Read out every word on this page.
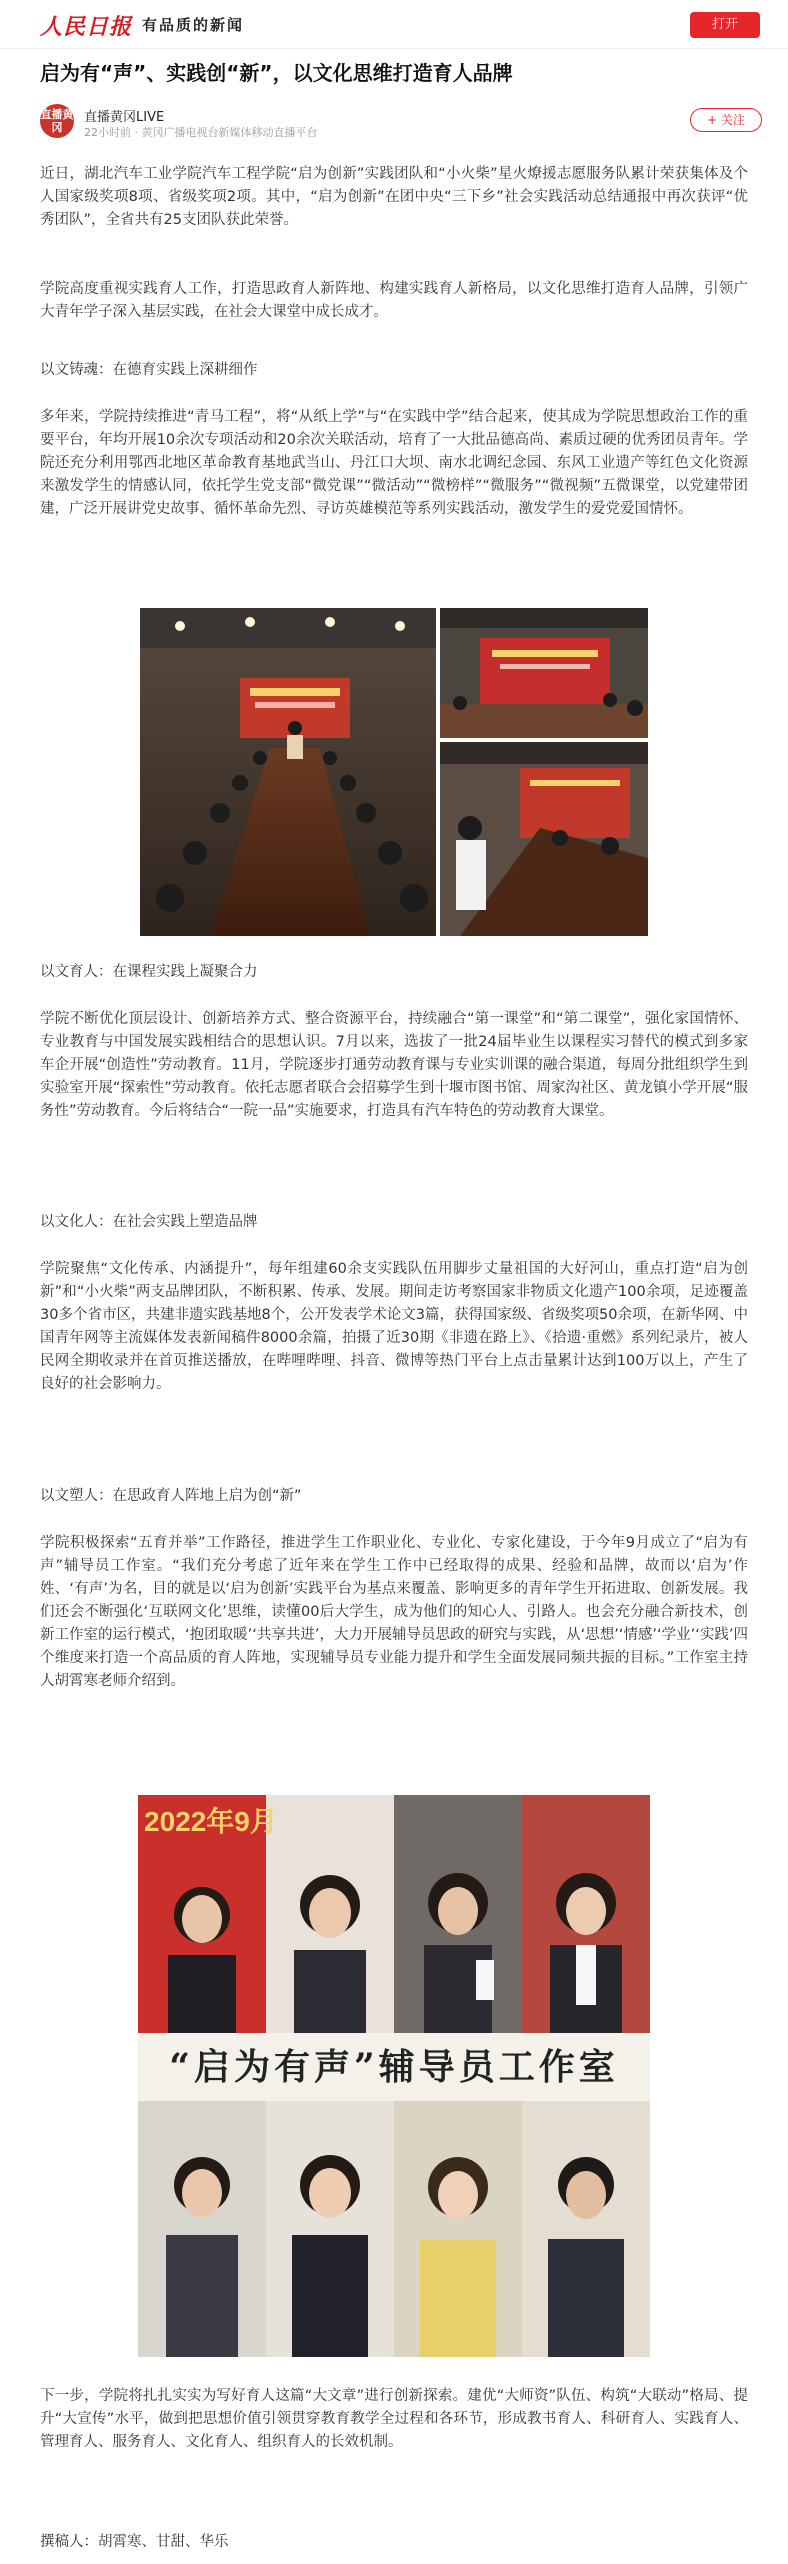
人民日报 有品质的新闻	打开
启为有“声”、实践创“新”，以文化思维打造育人品牌
直播黄冈
直播黄冈LIVE
22小时前 · 黄冈广播电视台新媒体移动直播平台
+ 关注

近日，湖北汽车工业学院汽车工程学院“启为创新”实践团队和“小火柴”星火燎援志愿服务队累计荣获集体及个人国家级奖项8项、省级奖项2项。其中，“启为创新”在团中央“三下乡”社会实践活动总结通报中再次获评“优秀团队”，全省共有25支团队获此荣誉。

学院高度重视实践育人工作，打造思政育人新阵地、构建实践育人新格局，以文化思维打造育人品牌，引领广大青年学子深入基层实践，在社会大课堂中成长成才。

以文铸魂：在德育实践上深耕细作

多年来，学院持续推进“青马工程”，将“从纸上学”与“在实践中学”结合起来，使其成为学院思想政治工作的重要平台，年均开展10余次专项活动和20余次关联活动，培育了一大批品德高尚、素质过硬的优秀团员青年。学院还充分利用鄂西北地区革命教育基地武当山、丹江口大坝、南水北调纪念园、东风工业遗产等红色文化资源来激发学生的情感认同，依托学生党支部“微党课”“微活动”“微榜样”“微服务”“微视频”五微课堂，以党建带团建，广泛开展讲党史故事、循怀革命先烈、寻访英雄模范等系列实践活动，激发学生的爱党爱国情怀。

以文育人：在课程实践上凝聚合力

学院不断优化顶层设计、创新培养方式、整合资源平台，持续融合“第一课堂”和“第二课堂”，强化家国情怀、专业教育与中国发展实践相结合的思想认识。7月以来，选拔了一批24届毕业生以课程实习替代的模式到多家车企开展“创造性”劳动教育。11月，学院逐步打通劳动教育课与专业实训课的融合渠道，每周分批组织学生到实验室开展“探索性”劳动教育。依托志愿者联合会招募学生到十堰市图书馆、周家沟社区、黄龙镇小学开展“服务性”劳动教育。今后将结合“一院一品”实施要求，打造具有汽车特色的劳动教育大课堂。

以文化人：在社会实践上塑造品牌

学院聚焦“文化传承、内涵提升”，每年组建60余支实践队伍用脚步丈量祖国的大好河山，重点打造“启为创新”和“小火柴”两支品牌团队，不断积累、传承、发展。期间走访考察国家非物质文化遗产100余项，足迹覆盖30多个省市区，共建非遗实践基地8个，公开发表学术论文3篇，获得国家级、省级奖项50余项，在新华网、中国青年网等主流媒体发表新闻稿件8000余篇，拍摄了近30期《非遗在路上》、《拾遗·重燃》系列纪录片，被人民网全期收录并在首页推送播放，在哔哩哔哩、抖音、微博等热门平台上点击量累计达到100万以上，产生了良好的社会影响力。

以文塑人：在思政育人阵地上启为创“新”

学院积极探索“五育并举”工作路径，推进学生工作职业化、专业化、专家化建设，于今年9月成立了“启为有声”辅导员工作室。“我们充分考虑了近年来在学生工作中已经取得的成果、经验和品牌，故而以‘启为’作姓、‘有声’为名，目的就是以‘启为创新’实践平台为基点来覆盖、影响更多的青年学生开拓进取、创新发展。我们还会不断强化‘互联网文化’思维，读懂00后大学生，成为他们的知心人、引路人。也会充分融合新技术，创新工作室的运行模式，‘抱团取暖’‘共享共进’，大力开展辅导员思政的研究与实践，从‘思想’‘情感’‘学业’‘实践’四个维度来打造一个高品质的育人阵地，实现辅导员专业能力提升和学生全面发展同频共振的目标。”工作室主持人胡霄寒老师介绍到。

2022年9月
“启为有声”辅导员工作室

下一步，学院将扎扎实实为写好育人这篇“大文章”进行创新探索。建优“大师资”队伍、构筑“大联动”格局、提升“大宣传”水平，做到把思想价值引领贯穿教育教学全过程和各环节，形成教书育人、科研育人、实践育人、管理育人、服务育人、文化育人、组织育人的长效机制。

撰稿人：胡霄寒、甘甜、华乐
